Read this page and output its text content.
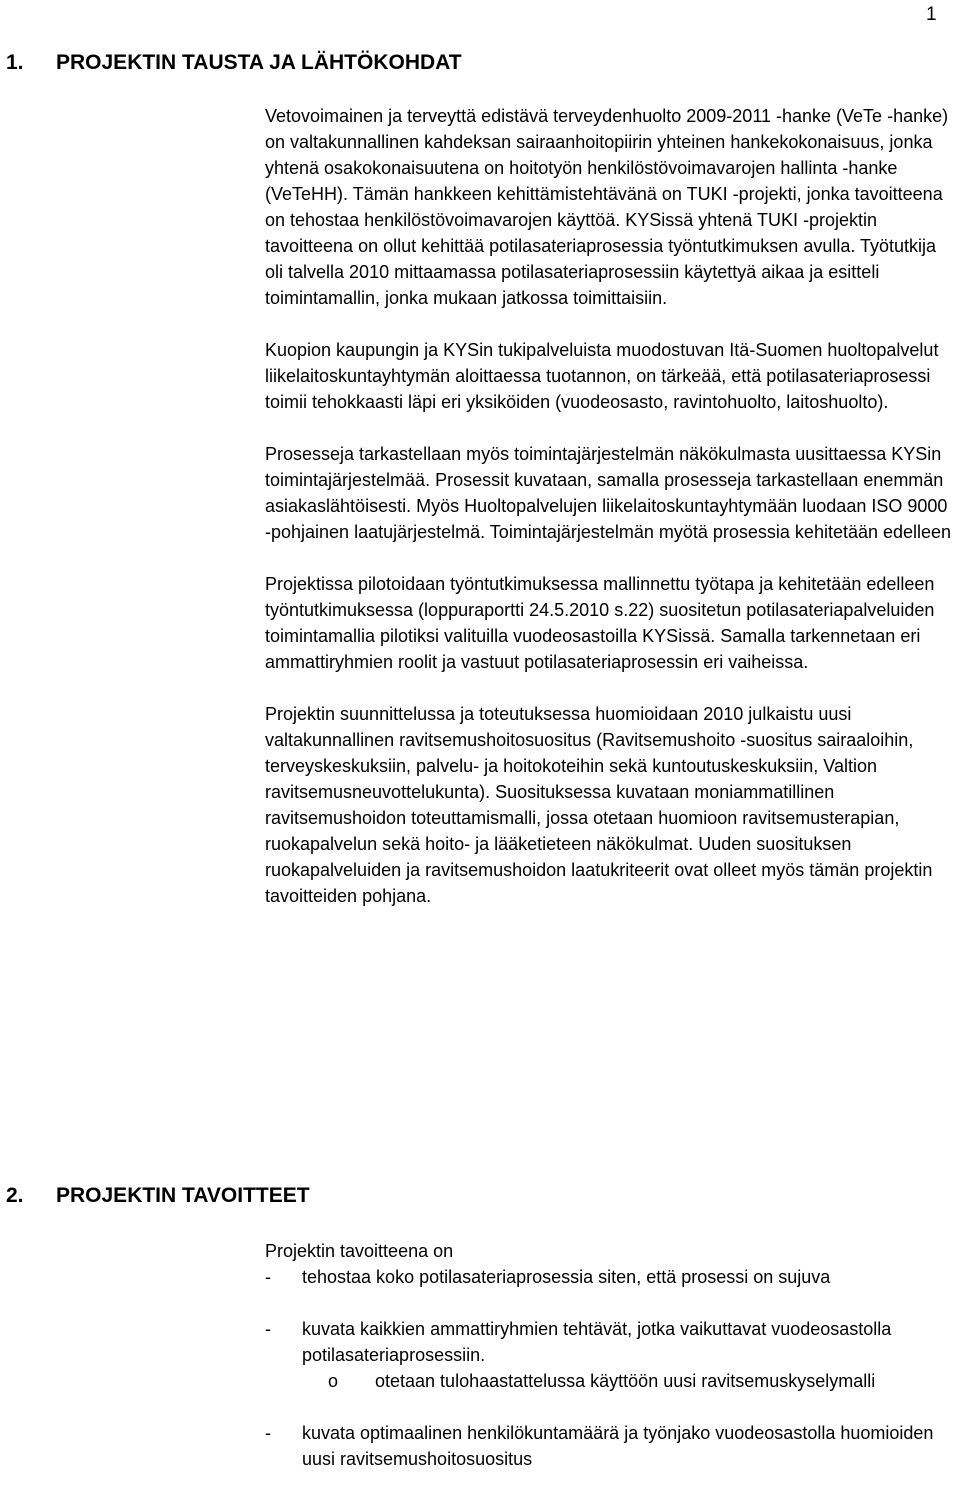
1
1. PROJEKTIN TAUSTA JA LÄHTÖKOHDAT

Vetovoimainen ja terveyttä edistävä terveydenhuolto 2009-2011 -hanke (VeTe -hanke) on valtakunnallinen kahdeksan sairaanhoitopiirin yhteinen hankekokonaisuus, jonka yhtenä osakokonaisuutena on hoitotyön henkilöstövoimavarojen hallinta -hanke (VeTeHH). Tämän hankkeen kehittämistehtävänä on TUKI -projekti, jonka tavoitteena on tehostaa henkilöstövoimavarojen käyttöä. KYSissä yhtenä TUKI -projektin tavoitteena on ollut kehittää potilasateriaprosessia työntutkimuksen avulla. Työtutkija oli talvella 2010 mittaamassa potilasateriaprosessiin käytettyä aikaa ja esitteli toimintamallin, jonka mukaan jatkossa toimittaisiin.

Kuopion kaupungin ja KYSin tukipalveluista muodostuvan Itä-Suomen huoltopalvelut liikelaitoskuntayhtymän aloittaessa tuotannon, on tärkeää, että potilasateriaprosessi toimii tehokkaasti läpi eri yksiköiden (vuodeosasto, ravintohuolto, laitoshuolto).

Prosesseja tarkastellaan myös toimintajärjestelmän näkökulmasta uusittaessa KYSin toimintajärjestelmää. Prosessit kuvataan, samalla prosesseja tarkastellaan enemmän asiakaslähtöisesti. Myös Huoltopalvelujen liikelaitoskuntayhtymään luodaan ISO 9000 -pohjainen laatujärjestelmä. Toimintajärjestelmän myötä prosessia kehitetään edelleen

Projektissa pilotoidaan työntutkimuksessa mallinnettu työtapa ja kehitetään edelleen työntutkimuksessa (loppuraportti 24.5.2010 s.22) suositetun potilasateriapalveluiden toimintamallia pilotiksi valituilla vuodeosastoilla KYSissä. Samalla tarkennetaan eri ammattiryhmien roolit ja vastuut potilasateriaprosessin eri vaiheissa.

Projektin suunnittelussa ja toteutuksessa huomioidaan 2010 julkaistu uusi valtakunnallinen ravitsemushoitosuositus (Ravitsemushoito -suositus sairaaloihin, terveyskeskuksiin, palvelu- ja hoitokoteihin sekä kuntoutuskeskuksiin, Valtion ravitsemusneuvottelukunta). Suosituksessa kuvataan moniammatillinen ravitsemushoidon toteuttamismalli, jossa otetaan huomioon ravitsemusterapian, ruokapalvelun sekä hoito- ja lääketieteen näkökulmat. Uuden suosituksen ruokapalveluiden ja ravitsemushoidon laatukriteerit ovat olleet myös tämän projektin tavoitteiden pohjana.

2. PROJEKTIN TAVOITTEET

Projektin tavoitteena on

- tehostaa koko potilasateriaprosessia siten, että prosessi on sujuva
- kuvata kaikkien ammattiryhmien tehtävät, jotka vaikuttavat vuodeosastolla potilasateriaprosessiin.
o otetaan tulohaastattelussa käyttöön uusi ravitsemuskyselymalli
- kuvata optimaalinen henkilökuntamäärä ja työnjako vuodeosastolla huomioiden uusi ravitsemushoitosuositus
